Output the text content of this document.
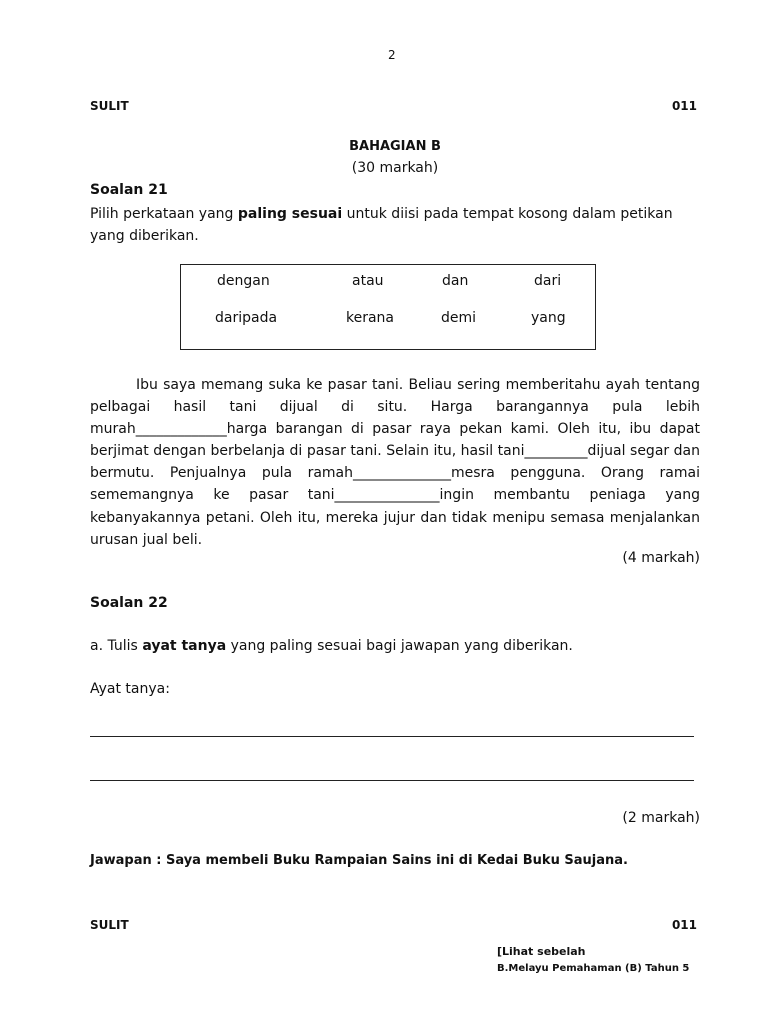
2
SULIT	011
BAHAGIAN B
(30 markah)
Soalan 21
Pilih perkataan yang paling sesuai untuk diisi pada tempat kosong dalam petikan yang diberikan.
dengan	atau	dan	dari
daripada	kerana	demi	yang

Ibu saya memang suka ke pasar tani. Beliau sering memberitahu ayah tentang pelbagai hasil tani dijual di situ. Harga barangannya pula lebih murah_____________harga barangan di pasar raya pekan kami. Oleh itu, ibu dapat berjimat dengan berbelanja di pasar tani. Selain itu, hasil tani_________dijual segar dan bermutu. Penjualnya pula ramah______________mesra pengguna. Orang ramai sememangnya ke pasar tani_______________ingin membantu peniaga yang kebanyakannya petani. Oleh itu, mereka jujur dan tidak menipu semasa menjalankan urusan jual beli.

(4 markah)
Soalan 22
a. Tulis ayat tanya yang paling sesuai bagi jawapan yang diberikan.
Ayat tanya:
(2 markah)
Jawapan : Saya membeli Buku Rampaian Sains ini di Kedai Buku Saujana.
SULIT	011
[Lihat sebelah
B.Melayu Pemahaman (B) Tahun 5
